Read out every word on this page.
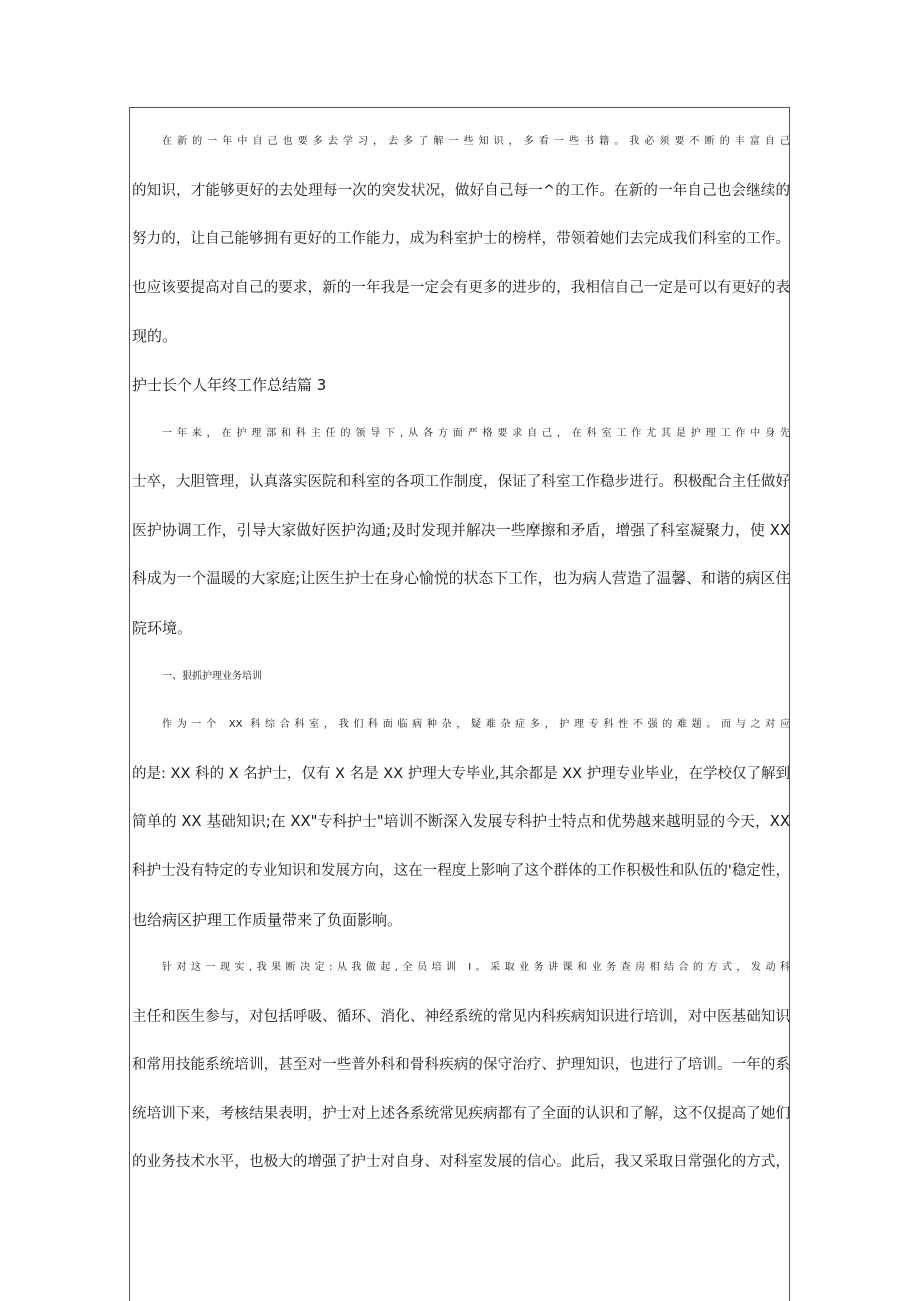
在新的一年中自己也要多去学习，去多了解一些知识，多看一些书籍。我必须要不断的丰富自己
的知识，才能够更好的去处理每一次的突发状况，做好自己每一^的工作。在新的一年自己也会继续的
努力的，让自己能够拥有更好的工作能力，成为科室护士的榜样，带领着她们去完成我们科室的工作。
也应该要提高对自己的要求，新的一年我是一定会有更多的进步的，我相信自己一定是可以有更好的表
现的。
护士长个人年终工作总结篇 3
一年来，在护理部和科主任的领导下,从各方面严格要求自己，在科室工作尤其是护理工作中身先
士卒，大胆管理，认真落实医院和科室的各项工作制度，保证了科室工作稳步进行。积极配合主任做好
医护协调工作，引导大家做好医护沟通;及时发现并解决一些摩擦和矛盾，增强了科室凝聚力，使 XX
科成为一个温暖的大家庭;让医生护士在身心愉悦的状态下工作，也为病人营造了温馨、和谐的病区住
院环境。
一、狠抓护理业务培训
作为一个 XX 科综合科室，我们科面临病种杂，疑难杂症多，护理专科性不强的难题。而与之对应
的是: XX 科的 X 名护士，仅有 X 名是 XX 护理大专毕业,其余都是 XX 护理专业毕业，在学校仅了解到
简单的 XX 基础知识;在 XX"专科护士"培训不断深入发展专科护士特点和优势越来越明显的今天，XX
科护士没有特定的专业知识和发展方向，这在一程度上影响了这个群体的工作积极性和队伍的'稳定性，
也给病区护理工作质量带来了负面影响。
针对这一现实,我果断决定:从我做起,全员培训 I。采取业务讲课和业务查房相结合的方式，发动科
主任和医生参与，对包括呼吸、循环、消化、神经系统的常见内科疾病知识进行培训，对中医基础知识
和常用技能系统培训，甚至对一些普外科和骨科疾病的保守治疗、护理知识，也进行了培训。一年的系
统培训下来，考核结果表明，护士对上述各系统常见疾病都有了全面的认识和了解，这不仅提高了她们
的业务技术水平，也极大的增强了护士对自身、对科室发展的信心。此后，我又采取日常强化的方式，
